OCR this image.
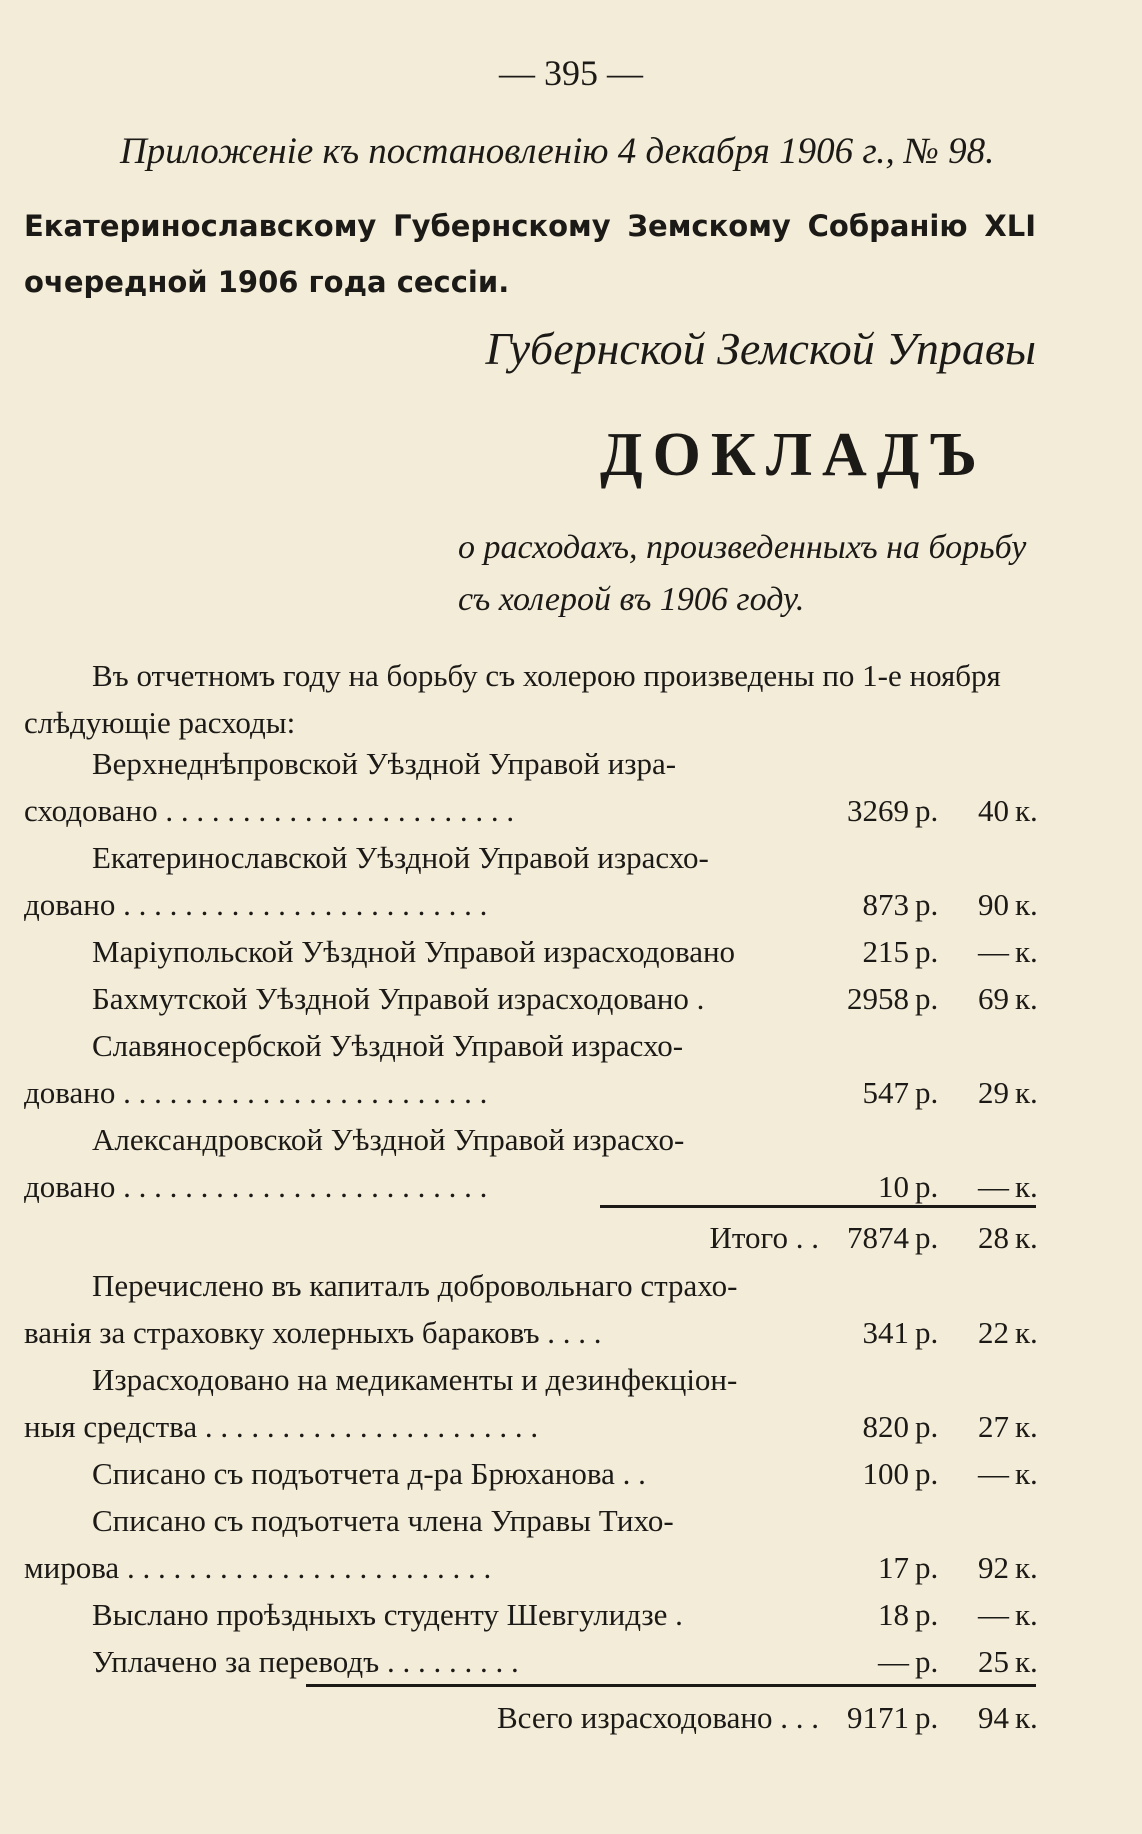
— 395 —
Приложеніе къ постановленію 4 декабря 1906 г., № 98.
Екатеринославскому Губернскому Земскому Собранію XLI очередной 1906 года сессіи.
Губернской Земской Управы
ДОКЛАДЪ
о расходахъ, произведенныхъ на борьбу съ холерой въ 1906 году.
Въ отчетномъ году на борьбу съ холерою произведены по 1-е ноября слѣдующіе расходы:
Верхнеднѣпровской Уѣздной Управой изра-
сходовано . . . . . . . . . . . . . . . . . . . . . . .	3269 р.	40 к.
Екатеринославской Уѣздной Управой израсхо-
довано . . . . . . . . . . . . . . . . . . . . . . . .	873 р.	90 к.
Маріупольской Уѣздной Управой израсходовано	215 р.	— к.
Бахмутской Уѣздной Управой израсходовано .	2958 р.	69 к.
Славяносербской Уѣздной Управой израсхо-
довано . . . . . . . . . . . . . . . . . . . . . . . .	547 р.	29 к.
Александровской Уѣздной Управой израсхо-
довано . . . . . . . . . . . . . . . . . . . . . . . .	10 р.	— к.
Итого . . 7874 р.	28 к.
Перечислено въ капиталъ добровольнаго страхо-
ванія за страховку холерныхъ бараковъ . . . .	341 р.	22 к.
Израсходовано на медикаменты и дезинфекціон-
ныя средства . . . . . . . . . . . . . . . . . . . . . .	820 р.	27 к.
Списано съ подъотчета д-ра Брюханова . .	100 р.	— к.
Списано съ подъотчета члена Управы Тихо-
мирова . . . . . . . . . . . . . . . . . . . . . . . .	17 р.	92 к.
Выслано проѣздныхъ студенту Шевгулидзе .	18 р.	— к.
Уплачено за переводъ . . . . . . . . .	— р.	25 к.
Всего израсходовано . . . 9171 р.	94 к.
